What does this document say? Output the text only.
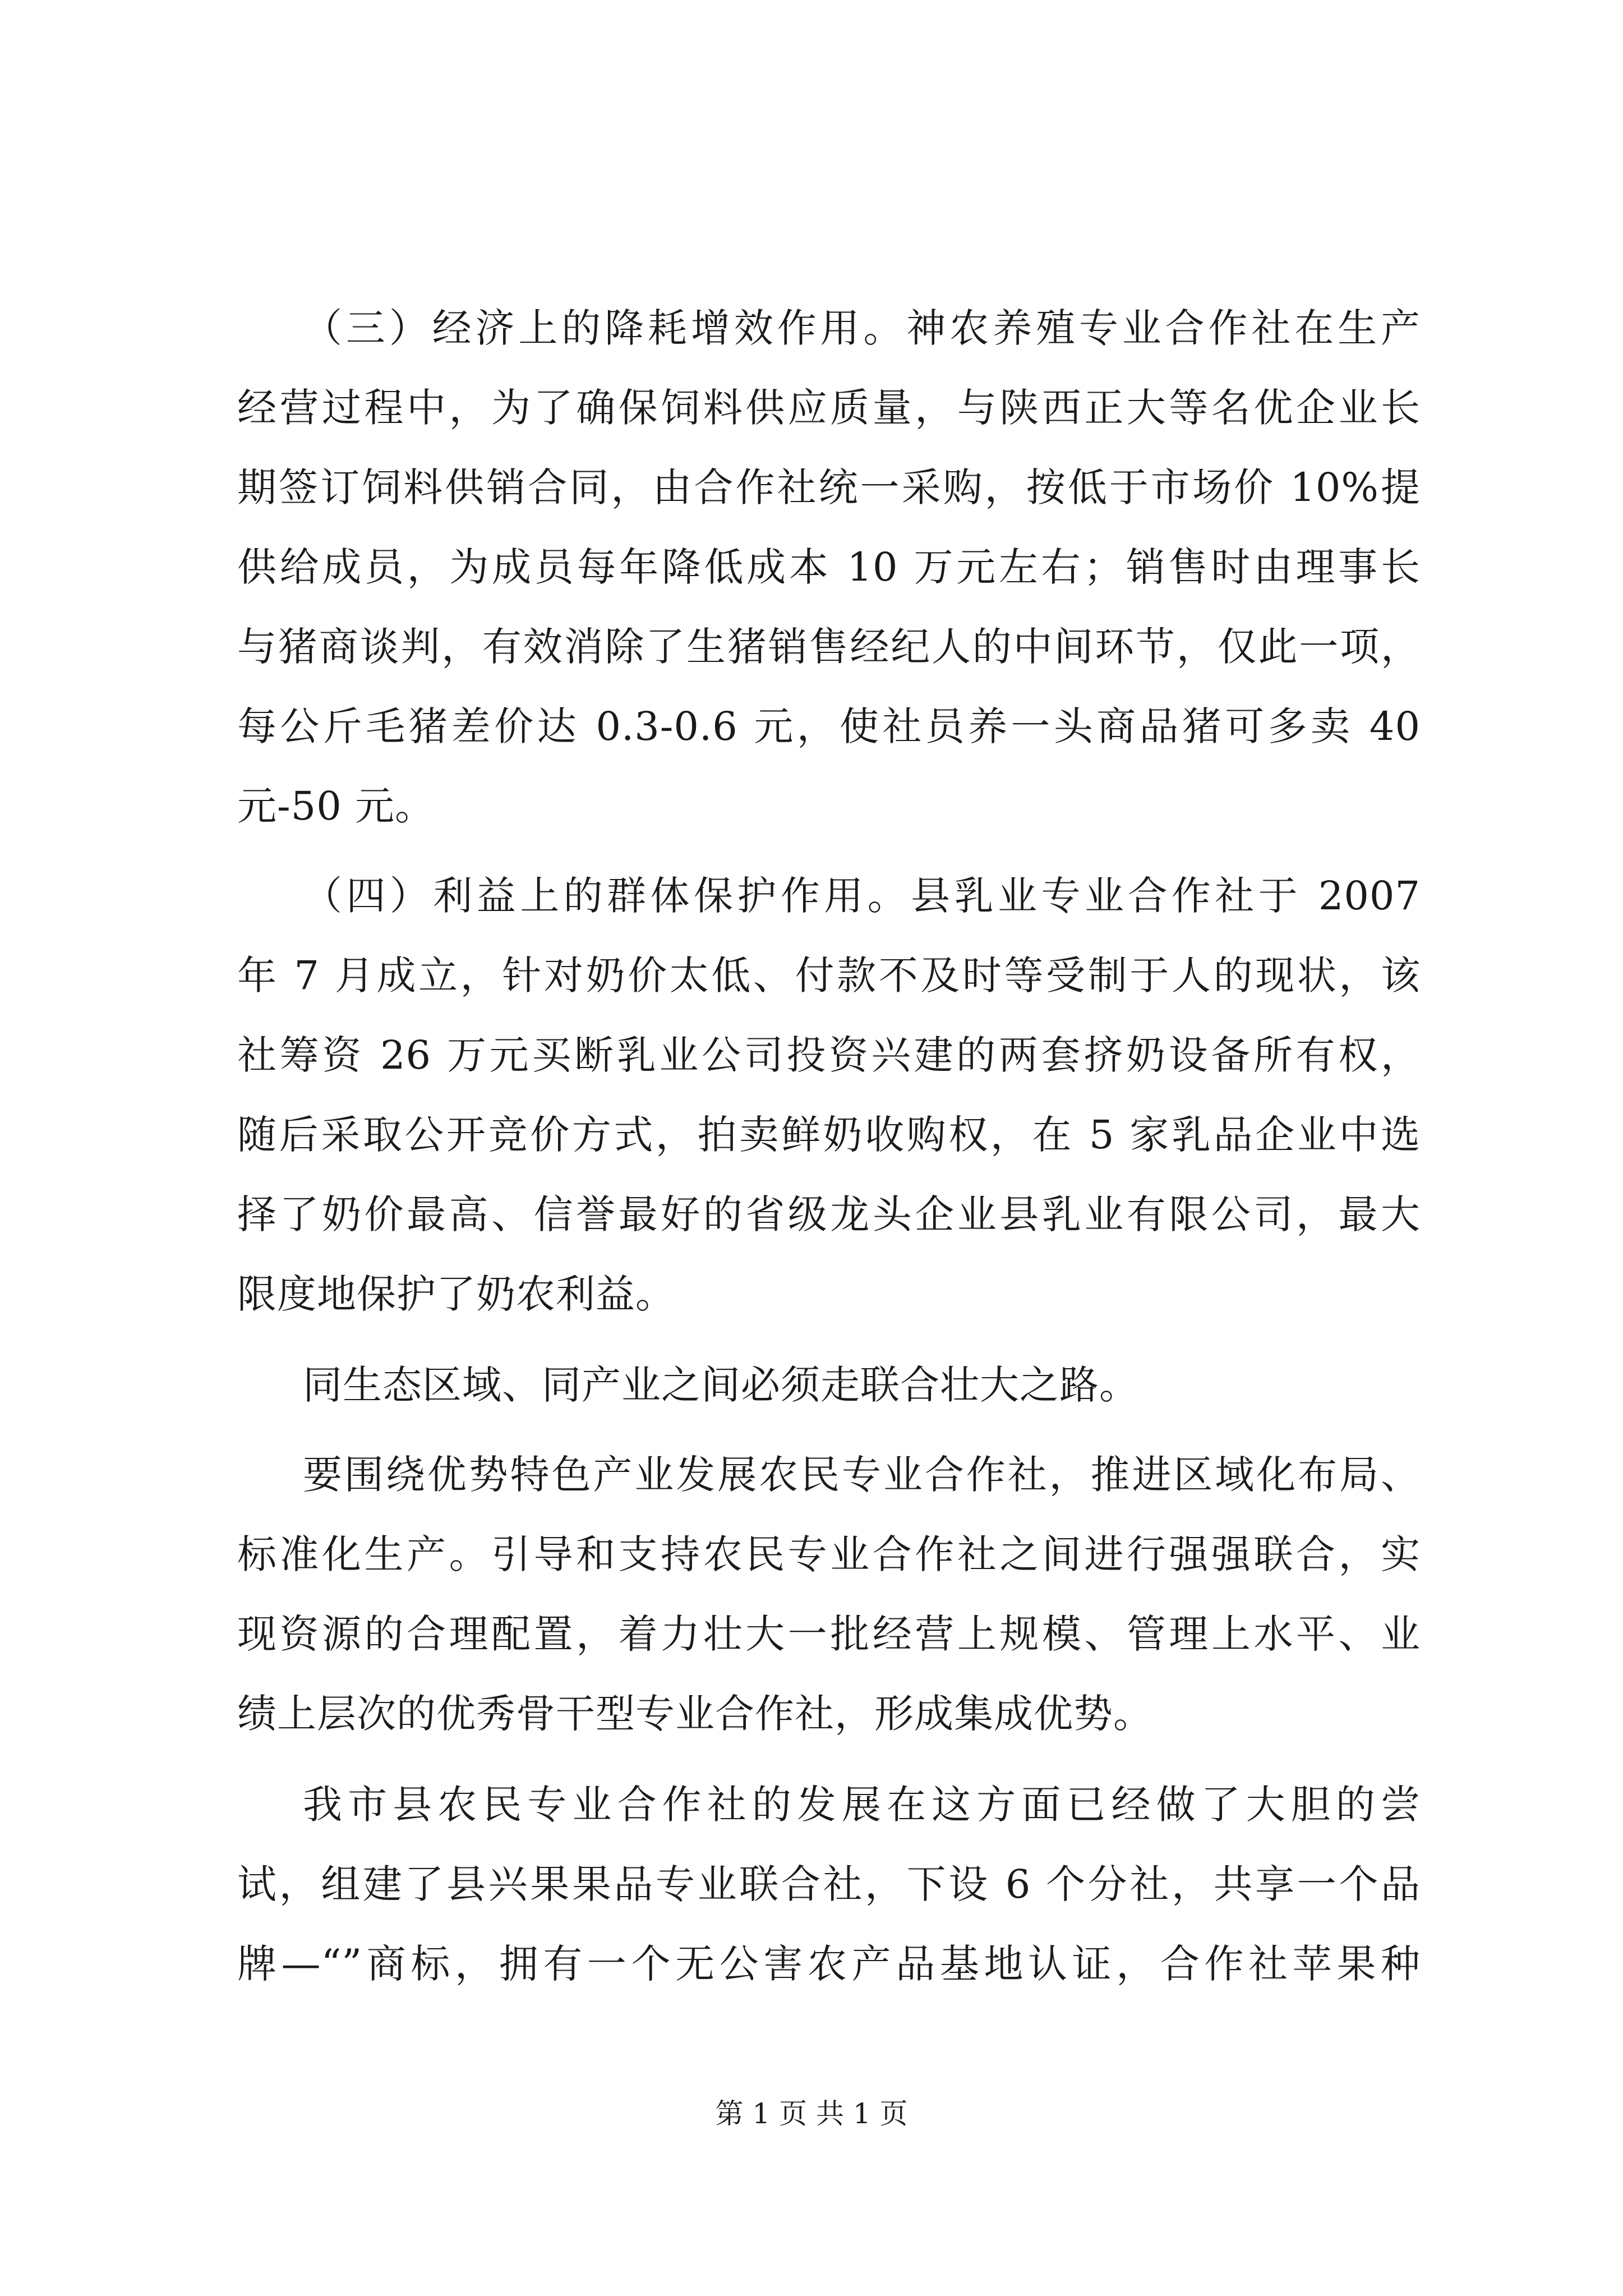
（三）经济上的降耗增效作用。神农养殖专业合作社在生产
经营过程中，为了确保饲料供应质量，与陕西正大等名优企业长
期签订饲料供销合同，由合作社统一采购，按低于市场价 10%提
供给成员，为成员每年降低成本 10 万元左右；销售时由理事长
与猪商谈判，有效消除了生猪销售经纪人的中间环节，仅此一项，
每公斤毛猪差价达 0.3-0.6 元，使社员养一头商品猪可多卖 40
元-50 元。
（四）利益上的群体保护作用。县乳业专业合作社于 2007
年 7 月成立，针对奶价太低、付款不及时等受制于人的现状，该
社筹资 26 万元买断乳业公司投资兴建的两套挤奶设备所有权，
随后采取公开竞价方式，拍卖鲜奶收购权，在 5 家乳品企业中选
择了奶价最高、信誉最好的省级龙头企业县乳业有限公司，最大
限度地保护了奶农利益。
同生态区域、同产业之间必须走联合壮大之路。
要围绕优势特色产业发展农民专业合作社，推进区域化布局、
标准化生产。引导和支持农民专业合作社之间进行强强联合，实
现资源的合理配置，着力壮大一批经营上规模、管理上水平、业
绩上层次的优秀骨干型专业合作社，形成集成优势。
我市县农民专业合作社的发展在这方面已经做了大胆的尝
试，组建了县兴果果品专业联合社，下设 6 个分社，共享一个品
牌—“”商标，拥有一个无公害农产品基地认证，合作社苹果种
第 1 页 共 1 页
